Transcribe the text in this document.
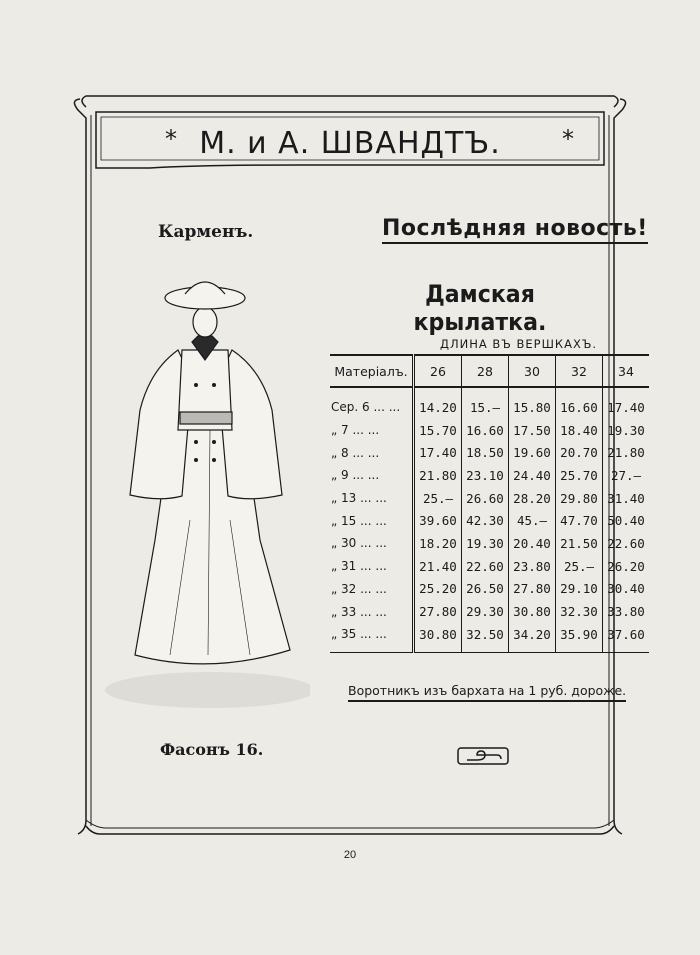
* М. и А. ШВАНДТЪ.	*
Карменъ.	Послѣдняя новость!
Дамская крылатка.
ДЛИНА ВЪ ВЕРШКАХЪ.
Матеріалъ.	26	28	30	32	34
Сер. 6 ... ...	14.20	15.—	15.80	16.60	17.40
„ 7 ... ...	15.70	16.60	17.50	18.40	19.30
„ 8 ... ...	17.40	18.50	19.60	20.70	21.80
„ 9 ... ...	21.80	23.10	24.40	25.70	27.—
„ 13 ... ...	25.—	26.60	28.20	29.80	31.40
„ 15 ... ...	39.60	42.30	45.—	47.70	50.40
„ 30 ... ...	18.20	19.30	20.40	21.50	22.60
„ 31 ... ...	21.40	22.60	23.80	25.—	26.20
„ 32 ... ...	25.20	26.50	27.80	29.10	30.40
„ 33 ... ...	27.80	29.30	30.80	32.30	33.80
„ 35 ... ...	30.80	32.50	34.20	35.90	37.60
Воротникъ изъ бархата на 1 руб. дороже.
Фасонъ 16.
20
